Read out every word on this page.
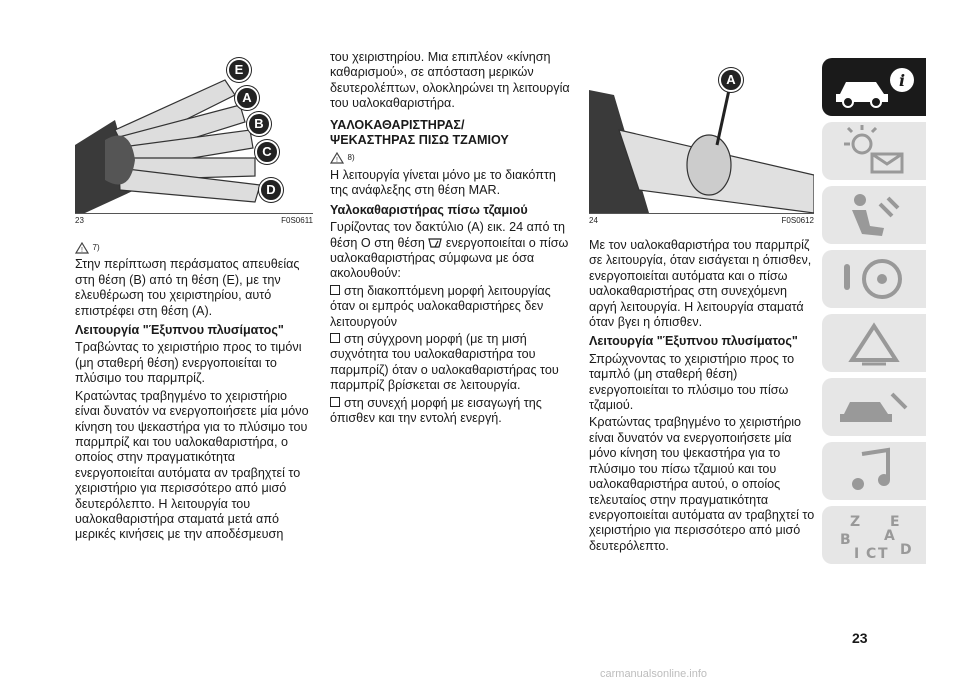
E
A
B
C
D
23	F0S0611

! 7)

Στην περίπτωση περάσματος απευθείας στη θέση (B) από τη θέση (E), με την ελευθέρωση του χειριστηρίου, αυτό επιστρέφει στη θέση (A).

Λειτουργία "Έξυπνου πλυσίματος"

Τραβώντας το χειριστήριο προς το τιμόνι (μη σταθερή θέση) ενεργοποιείται το πλύσιμο του παρμπρίζ.

Κρατώντας τραβηγμένο το χειριστήριο είναι δυνατόν να ενεργοποιήσετε μία μόνο κίνηση του ψεκαστήρα για το πλύσιμο του παρμπρίζ και του υαλοκαθαριστήρα, ο οποίος στην πραγματικότητα ενεργοποιείται αυτόματα αν τραβηχτεί το χειριστήριο για περισσότερο από μισό δευτερόλεπτο. Η λειτουργία του υαλοκαθαριστήρα σταματά μετά από μερικές κινήσεις με την αποδέσμευση

του χειριστηρίου. Μια επιπλέον «κίνηση καθαρισμού», σε απόσταση μερικών δευτερολέπτων, ολοκληρώνει τη λειτουργία του υαλοκαθαριστήρα.

ΥΑΛΟΚΑΘΑΡΙΣΤΗΡΑΣ/
ΨΕΚΑΣΤΗΡΑΣ ΠΙΣΩ ΤΖΑΜΙΟΥ

! 8)

Η λειτουργία γίνεται μόνο με το διακόπτη της ανάφλεξης στη θέση MAR.

Υαλοκαθαριστήρας πίσω τζαμιού

Γυρίζοντας τον δακτύλιο (A) εικ. 24 από τη θέση O στη θέση ενεργοποιείται ο πίσω υαλοκαθαριστήρας σύμφωνα με όσα ακολουθούν:

στη διακοπτόμενη μορφή λειτουργίας όταν οι εμπρός υαλοκαθαριστήρες δεν λειτουργούν

στη σύγχρονη μορφή (με τη μισή συχνότητα του υαλοκαθαριστήρα του παρμπρίζ) όταν ο υαλοκαθαριστήρας του παρμπρίζ βρίσκεται σε λειτουργία.

στη συνεχή μορφή με εισαγωγή της όπισθεν και την εντολή ενεργή.

A
24	F0S0612

Με τον υαλοκαθαριστήρα του παρμπρίζ σε λειτουργία, όταν εισάγεται η όπισθεν, ενεργοποιείται αυτόματα και ο πίσω υαλοκαθαριστήρας στη συνεχόμενη αργή λειτουργία. Η λειτουργία σταματά όταν βγει η όπισθεν.

Λειτουργία "Έξυπνου πλυσίματος"

Σπρώχνοντας το χειριστήριο προς το ταμπλό (μη σταθερή θέση) ενεργοποιείται το πλύσιμο του πίσω τζαμιού.

Κρατώντας τραβηγμένο το χειριστήριο είναι δυνατόν να ενεργοποιήσετε μία μόνο κίνηση του ψεκαστήρα για το πλύσιμο του πίσω τζαμιού και του υαλοκαθαριστήρα αυτού, ο οποίος τελευταίος στην πραγματικότητα ενεργοποιείται αυτόματα αν τραβηχτεί το χειριστήριο για περισσότερο από μισό δευτερόλεπτο.

i
Z E
B A
I C T D
23
carmanualsonline.info
